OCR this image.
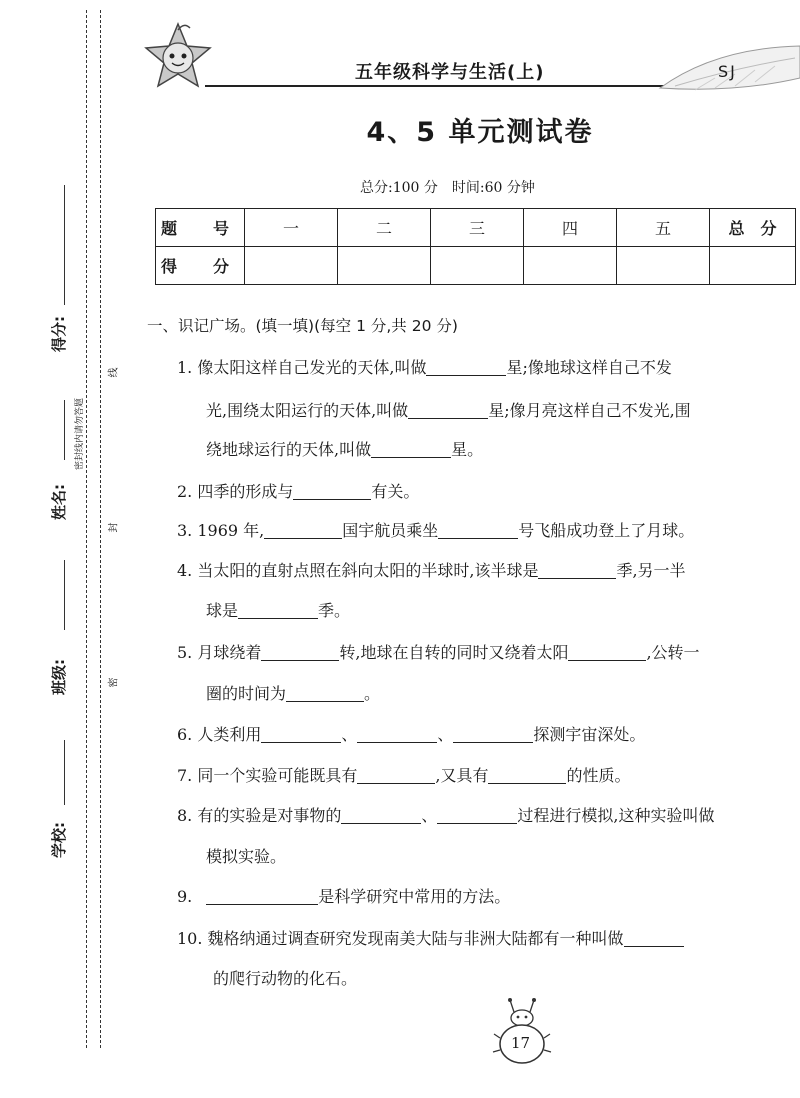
得分:
姓名:
班级:
学校:
线
封
密
密封线内请勿答题
五年级科学与生活(上)	SJ
4、5 单元测试卷
总分:100 分　时间:60 分钟
题　号	一	二	三	四	五	总　分
得　分						
一、识记广场。(填一填)(每空 1 分,共 20 分)
1. 像太阳这样自己发光的天体,叫做	星;像地球这样自己不发
光,围绕太阳运行的天体,叫做	星;像月亮这样自己不发光,围
绕地球运行的天体,叫做	星。
2. 四季的形成与	有关。
3. 1969 年,	国宇航员乘坐	号飞船成功登上了月球。
4. 当太阳的直射点照在斜向太阳的半球时,该半球是	季,另一半
球是	季。
5. 月球绕着	转,地球在自转的同时又绕着太阳	,公转一
圈的时间为	。
6. 人类利用	、	、	探测宇宙深处。
7. 同一个实验可能既具有	,又具有	的性质。
8. 有的实验是对事物的	、	过程进行模拟,这种实验叫做
模拟实验。
9.	是科学研究中常用的方法。
10. 魏格纳通过调查研究发现南美大陆与非洲大陆都有一种叫做
的爬行动物的化石。
17
